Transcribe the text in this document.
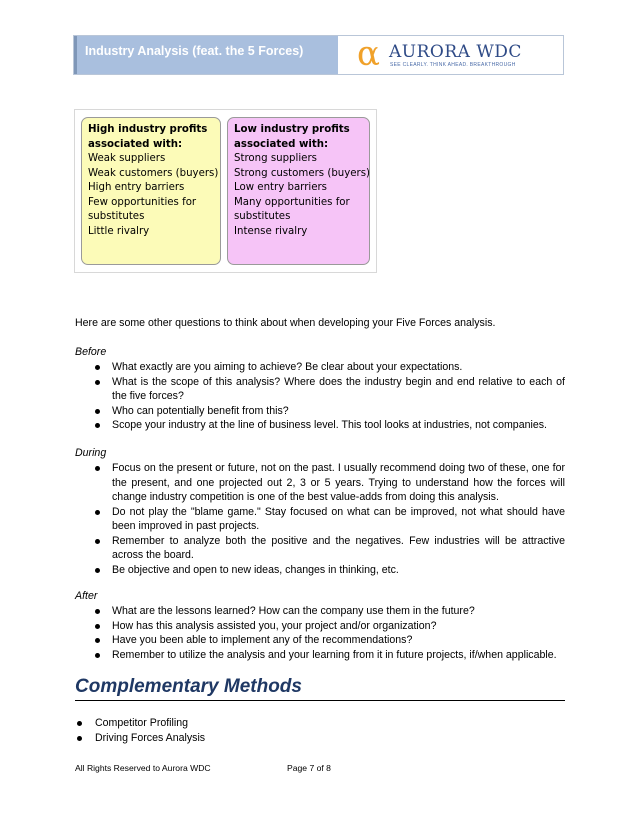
Industry Analysis (feat. the 5 Forces)	α AURORA WDC
SEE CLEARLY. THINK AHEAD. BREAKTHROUGH
High industry profits associated with:
Weak suppliers
Weak customers (buyers)
High entry barriers
Few opportunities for substitutes
Little rivalry
Low industry profits associated with:
Strong suppliers
Strong customers (buyers)
Low entry barriers
Many opportunities for substitutes
Intense rivalry
Here are some other questions to think about when developing your Five Forces analysis.
Before
What exactly are you aiming to achieve? Be clear about your expectations.
What is the scope of this analysis? Where does the industry begin and end relative to each of the five forces?
Who can potentially benefit from this?
Scope your industry at the line of business level. This tool looks at industries, not companies.
During
Focus on the present or future, not on the past. I usually recommend doing two of these, one for the present, and one projected out 2, 3 or 5 years. Trying to understand how the forces will change industry competition is one of the best value-adds from doing this analysis.
Do not play the "blame game." Stay focused on what can be improved, not what should have been improved in past projects.
Remember to analyze both the positive and the negatives. Few industries will be attractive across the board.
Be objective and open to new ideas, changes in thinking, etc.
After
What are the lessons learned? How can the company use them in the future?
How has this analysis assisted you, your project and/or organization?
Have you been able to implement any of the recommendations?
Remember to utilize the analysis and your learning from it in future projects, if/when applicable.
Complementary Methods
Competitor Profiling
Driving Forces Analysis
All Rights Reserved to Aurora WDC	Page 7 of 8
